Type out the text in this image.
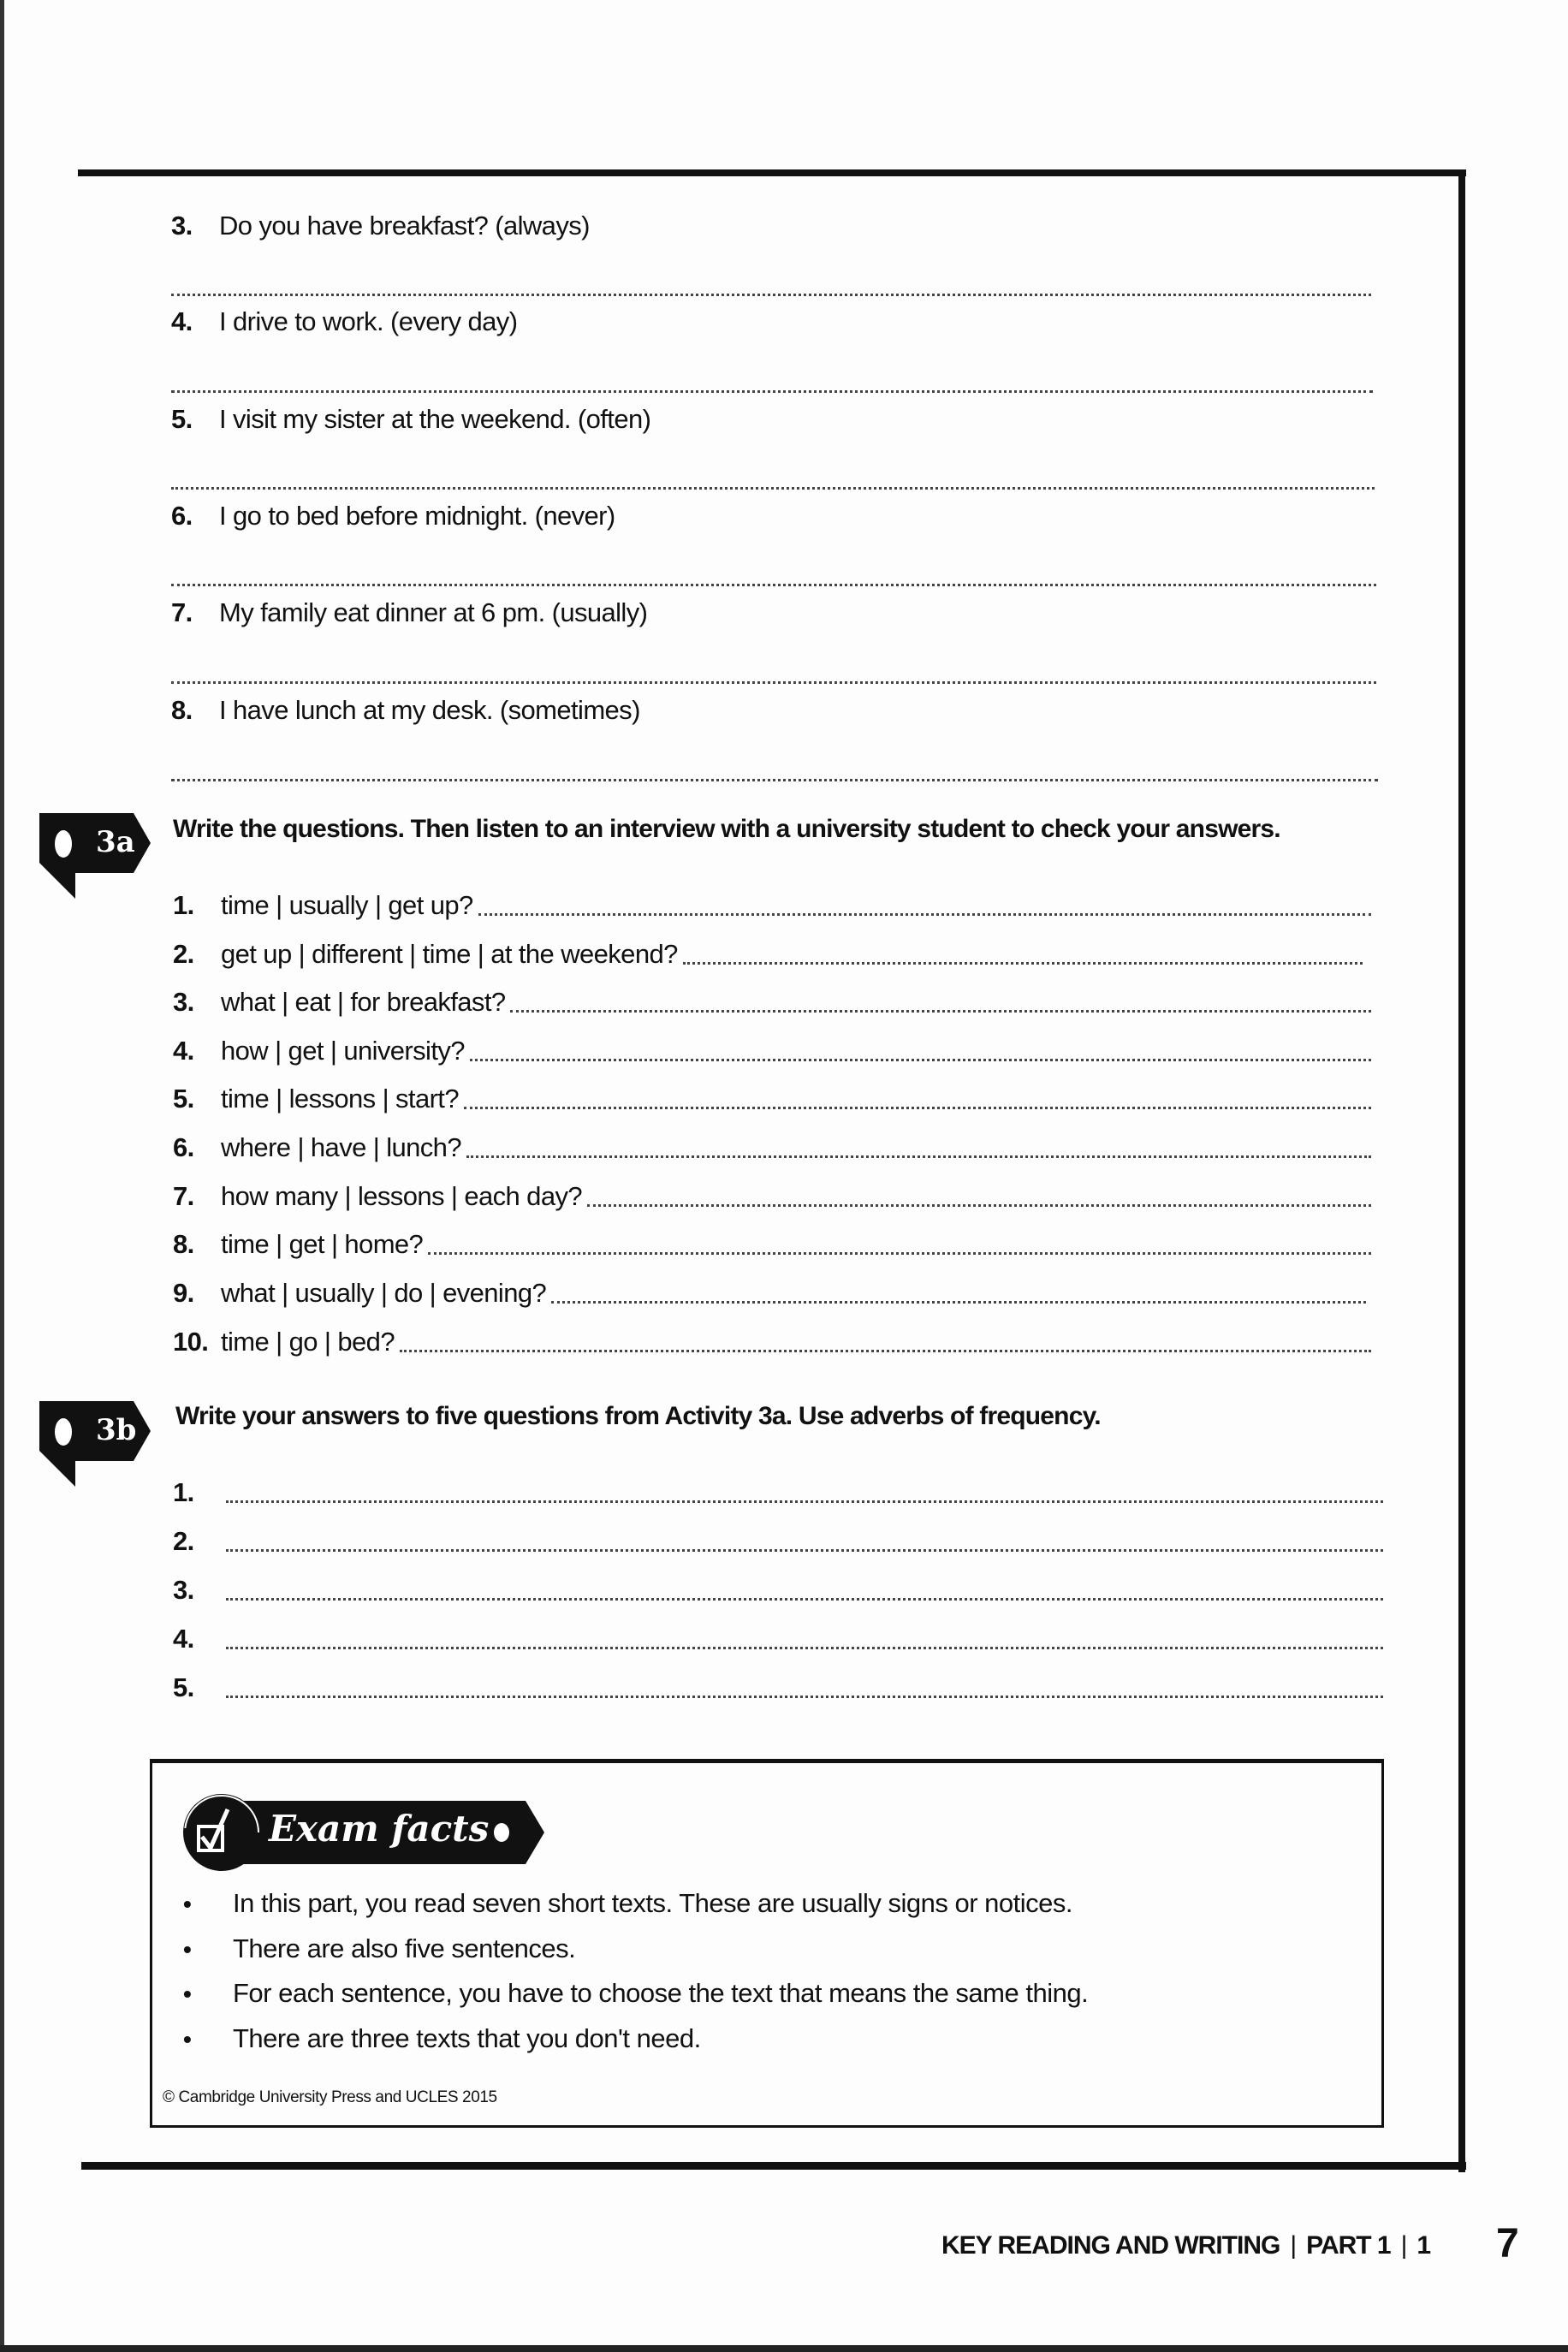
3. Do you have breakfast? (always)
4. I drive to work. (every day)
5. I visit my sister at the weekend. (often)
6. I go to bed before midnight. (never)
7. My family eat dinner at 6 pm. (usually)
8. I have lunch at my desk. (sometimes)
3a Write the questions. Then listen to an interview with a university student to check your answers.
1.	time | usually | get up?
2.	get up | different | time | at the weekend?
3.	what | eat | for breakfast?
4.	how | get | university?
5.	time | lessons | start?
6.	where | have | lunch?
7.	how many | lessons | each day?
8.	time | get | home?
9.	what | usually | do | evening?
10. time | go | bed?
3b Write your answers to five questions from Activity 3a. Use adverbs of frequency.
1.
2.
3.
4.
5.
Exam facts
• In this part, you read seven short texts. These are usually signs or notices.
• There are also five sentences.
• For each sentence, you have to choose the text that means the same thing.
• There are three texts that you don't need.
© Cambridge University Press and UCLES 2015
KEY READING AND WRITING | PART 1 | 1 7
